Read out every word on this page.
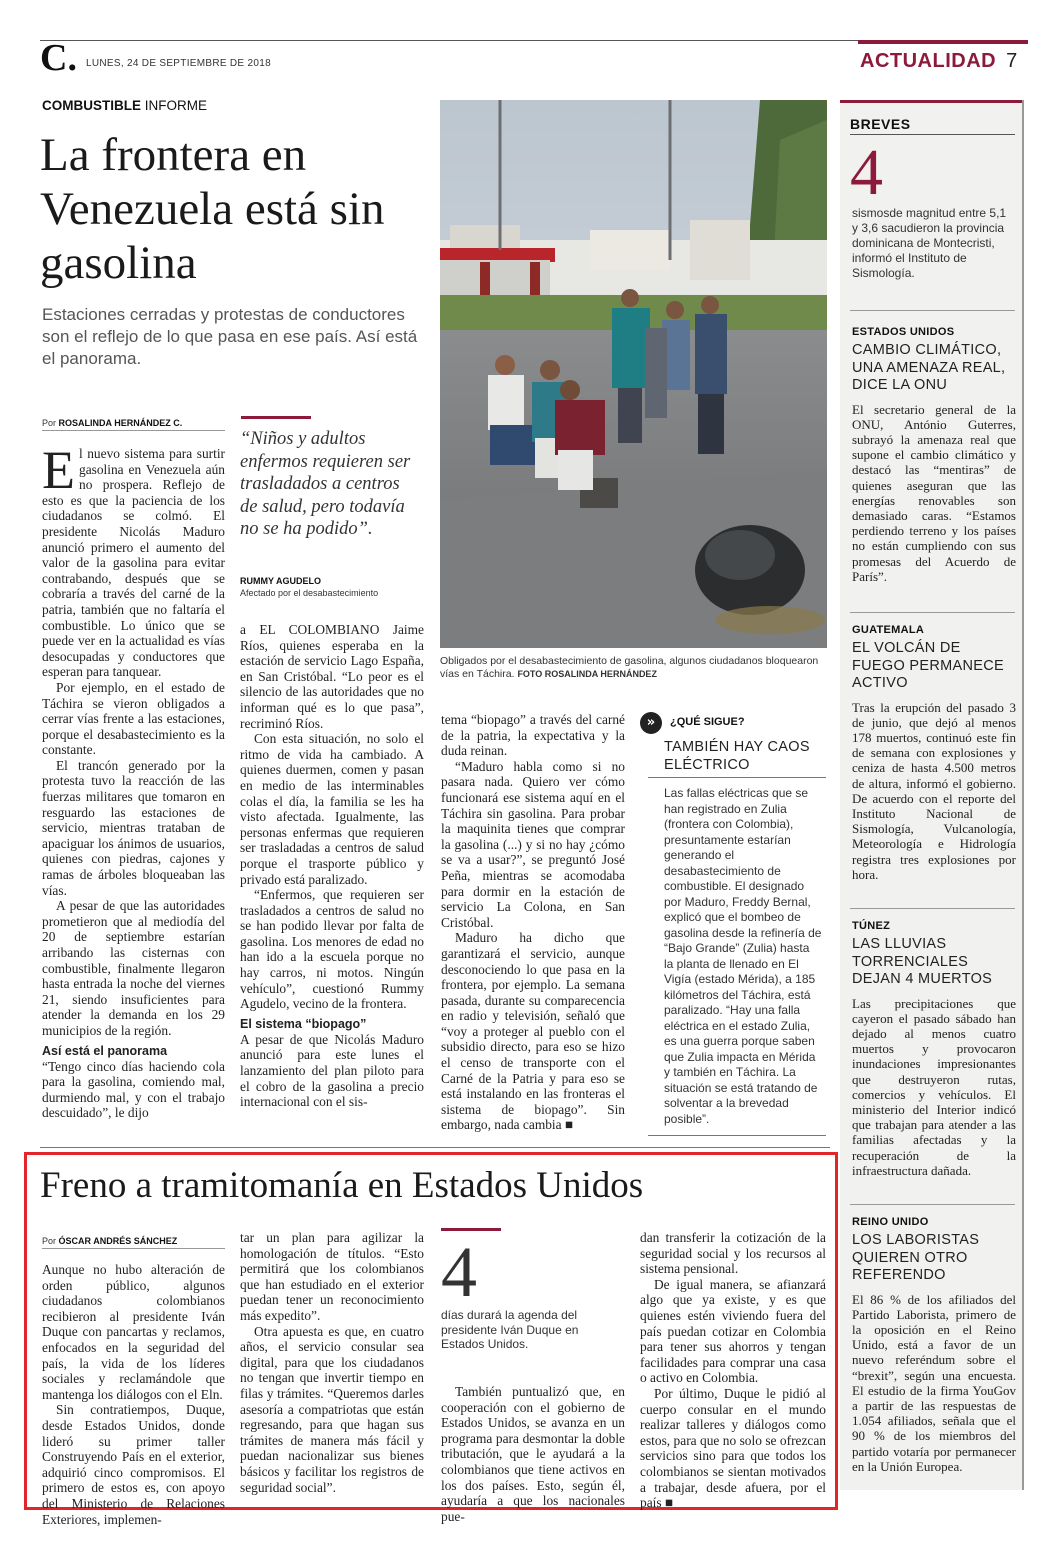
C. LUNES, 24 DE SEPTIEMBRE DE 2018	ACTUALIDAD 7
COMBUSTIBLE INFORME
La frontera en Venezuela está sin gasolina
Estaciones cerradas y protestas de conductores son el reflejo de lo que pasa en ese país. Así está el panorama.
Obligados por el desabastecimiento de gasolina, algunos ciudadanos bloquearon vías en Táchira. FOTO ROSALINDA HERNÁNDEZ
Por ROSALINDA HERNÁNDEZ C.

El nuevo sistema para surtir gasolina en Venezuela aún no prospera. Reflejo de esto es que la paciencia de los ciudadanos se colmó. El presidente Nicolás Maduro anunció primero el aumento del valor de la gasolina para evitar contrabando, después que se cobraría a través del carné de la patria, también que no faltaría el combustible. Lo único que se puede ver en la actualidad es vías desocupadas y conductores que esperan para tanquear.

Por ejemplo, en el estado de Táchira se vieron obligados a cerrar vías frente a las estaciones, porque el desabastecimiento es la constante.

El trancón generado por la protesta tuvo la reacción de las fuerzas militares que tomaron en resguardo las estaciones de servicio, mientras trataban de apaciguar los ánimos de usuarios, quienes con piedras, cajones y ramas de árboles bloqueaban las vías.

A pesar de que las autoridades prometieron que al mediodía del 20 de septiembre estarían arribando las cisternas con combustible, finalmente llegaron hasta entrada la noche del viernes 21, siendo insuficientes para atender la demanda en los 29 municipios de la región.

Así está el panorama

“Tengo cinco días haciendo cola para la gasolina, comiendo mal, durmiendo mal, y con el trabajo descuidado”, le dijo

“Niños y adultos enfermos requieren ser trasladados a centros de salud, pero todavía no se ha podido”.
RUMMY AGUDELO
Afectado por el desabastecimiento

a EL COLOMBIANO Jaime Ríos, quienes esperaba en la estación de servicio Lago España, en San Cristóbal. “Lo peor es el silencio de las autoridades que no informan qué es lo que pasa”, recriminó Ríos.

Con esta situación, no solo el ritmo de vida ha cambiado. A quienes duermen, comen y pasan en medio de las interminables colas el día, la familia se les ha visto afectada. Igualmente, las personas enfermas que requieren ser trasladadas a centros de salud porque el trasporte público y privado está paralizado.

“Enfermos, que requieren ser trasladados a centros de salud no se han podido llevar por falta de gasolina. Los menores de edad no han ido a la escuela porque no hay carros, ni motos. Ningún vehículo”, cuestionó Rummy Agudelo, vecino de la frontera.

El sistema “biopago”

A pesar de que Nicolás Maduro anunció para este lunes el lanzamiento del plan piloto para el cobro de la gasolina a precio internacional con el sis-

tema “biopago” a través del carné de la patria, la expectativa y la duda reinan.

“Maduro habla como si no pasara nada. Quiero ver cómo funcionará ese sistema aquí en el Táchira sin gasolina. Para probar la maquinita tienes que comprar la gasolina (...) y si no hay ¿cómo se va a usar?”, se preguntó José Peña, mientras se acomodaba para dormir en la estación de servicio La Colona, en San Cristóbal.

Maduro ha dicho que garantizará el servicio, aunque desconociendo lo que pasa en la frontera, por ejemplo. La semana pasada, durante su comparecencia en radio y televisión, señaló que “voy a proteger al pueblo con el subsidio directo, para eso se hizo el censo de transporte con el Carné de la Patria y para eso se está instalando en las fronteras el sistema de biopago”. Sin embargo, nada cambia ■

»	¿QUÉ SIGUE?
TAMBIÉN HAY CAOS ELÉCTRICO
Las fallas eléctricas que se han registrado en Zulia (frontera con Colombia), presuntamente estarían generando el desabastecimiento de combustible. El designado por Maduro, Freddy Bernal, explicó que el bombeo de gasolina desde la refinería de “Bajo Grande” (Zulia) hasta la planta de llenado en El Vigía (estado Mérida), a 185 kilómetros del Táchira, está paralizado. “Hay una falla eléctrica en el estado Zulia, es una guerra porque saben que Zulia impacta en Mérida y también en Táchira. La situación se está tratando de solventar a la brevedad posible”.
Freno a tramitomanía en Estados Unidos
Por ÓSCAR ANDRÉS SÁNCHEZ

Aunque no hubo alteración de orden público, algunos ciudadanos colombianos recibieron al presidente Iván Duque con pancartas y reclamos, enfocados en la seguridad del país, la vida de los líderes sociales y reclamándole que mantenga los diálogos con el Eln.

Sin contratiempos, Duque, desde Estados Unidos, donde lideró su primer taller Construyendo País en el exterior, adquirió cinco compromisos. El primero de estos es, con apoyo del Ministerio de Relaciones Exteriores, implemen-

tar un plan para agilizar la homologación de títulos. “Esto permitirá que los colombianos que han estudiado en el exterior puedan tener un reconocimiento más expedito”.

Otra apuesta es que, en cuatro años, el servicio consular sea digital, para que los ciudadanos no tengan que invertir tiempo en filas y trámites. “Queremos darles asesoría a compatriotas que están regresando, para que hagan sus trámites de manera más fácil y puedan nacionalizar sus bienes básicos y facilitar los registros de seguridad social”.

4
días durará la agenda del presidente Iván Duque en Estados Unidos.

También puntualizó que, en cooperación con el gobierno de Estados Unidos, se avanza en un programa para desmontar la doble tributación, que le ayudará a la colombianos que tiene activos en los dos países. Esto, según él, ayudaría a que los nacionales pue-

dan transferir la cotización de la seguridad social y los recursos al sistema pensional.

De igual manera, se afianzará algo que ya existe, y es que quienes estén viviendo fuera del país puedan cotizar en Colombia para tener sus ahorros y tengan facilidades para comprar una casa o activo en Colombia.

Por último, Duque le pidió al cuerpo consular en el mundo realizar talleres y diálogos como estos, para que no solo se ofrezcan servicios sino para que todos los colombianos se sientan motivados a trabajar, desde afuera, por el país ■

BREVES
4
sismosde magnitud entre 5,1 y 3,6 sacudieron la provincia dominicana de Montecristi, informó el Instituto de Sismología.
ESTADOS UNIDOS
CAMBIO CLIMÁTICO, UNA AMENAZA REAL, DICE LA ONU
El secretario general de la ONU, António Guterres, subrayó la amenaza real que supone el cambio climático y destacó las “mentiras” de quienes aseguran que las energías renovables son demasiado caras. “Estamos perdiendo terreno y los países no están cumpliendo con sus promesas del Acuerdo de París”.
GUATEMALA
EL VOLCÁN DE FUEGO PERMANECE ACTIVO
Tras la erupción del pasado 3 de junio, que dejó al menos 178 muertos, continuó este fin de semana con explosiones y ceniza de hasta 4.500 metros de altura, informó el gobierno. De acuerdo con el reporte del Instituto Nacional de Sismología, Vulcanología, Meteorología e Hidrología registra tres explosiones por hora.
TÚNEZ
LAS LLUVIAS TORRENCIALES DEJAN 4 MUERTOS
Las precipitaciones que cayeron el pasado sábado han dejado al menos cuatro muertos y provocaron inundaciones impresionantes que destruyeron rutas, comercios y vehículos. El ministerio del Interior indicó que trabajan para atender a las familias afectadas y la recuperación de la infraestructura dañada.
REINO UNIDO
LOS LABORISTAS QUIEREN OTRO REFERENDO
El 86 % de los afiliados del Partido Laborista, primero de la oposición en el Reino Unido, está a favor de un nuevo referéndum sobre el “brexit”, según una encuesta. El estudio de la firma YouGov a partir de las respuestas de 1.054 afiliados, señala que el 90 % de los miembros del partido votaría por permanecer en la Unión Europea.
